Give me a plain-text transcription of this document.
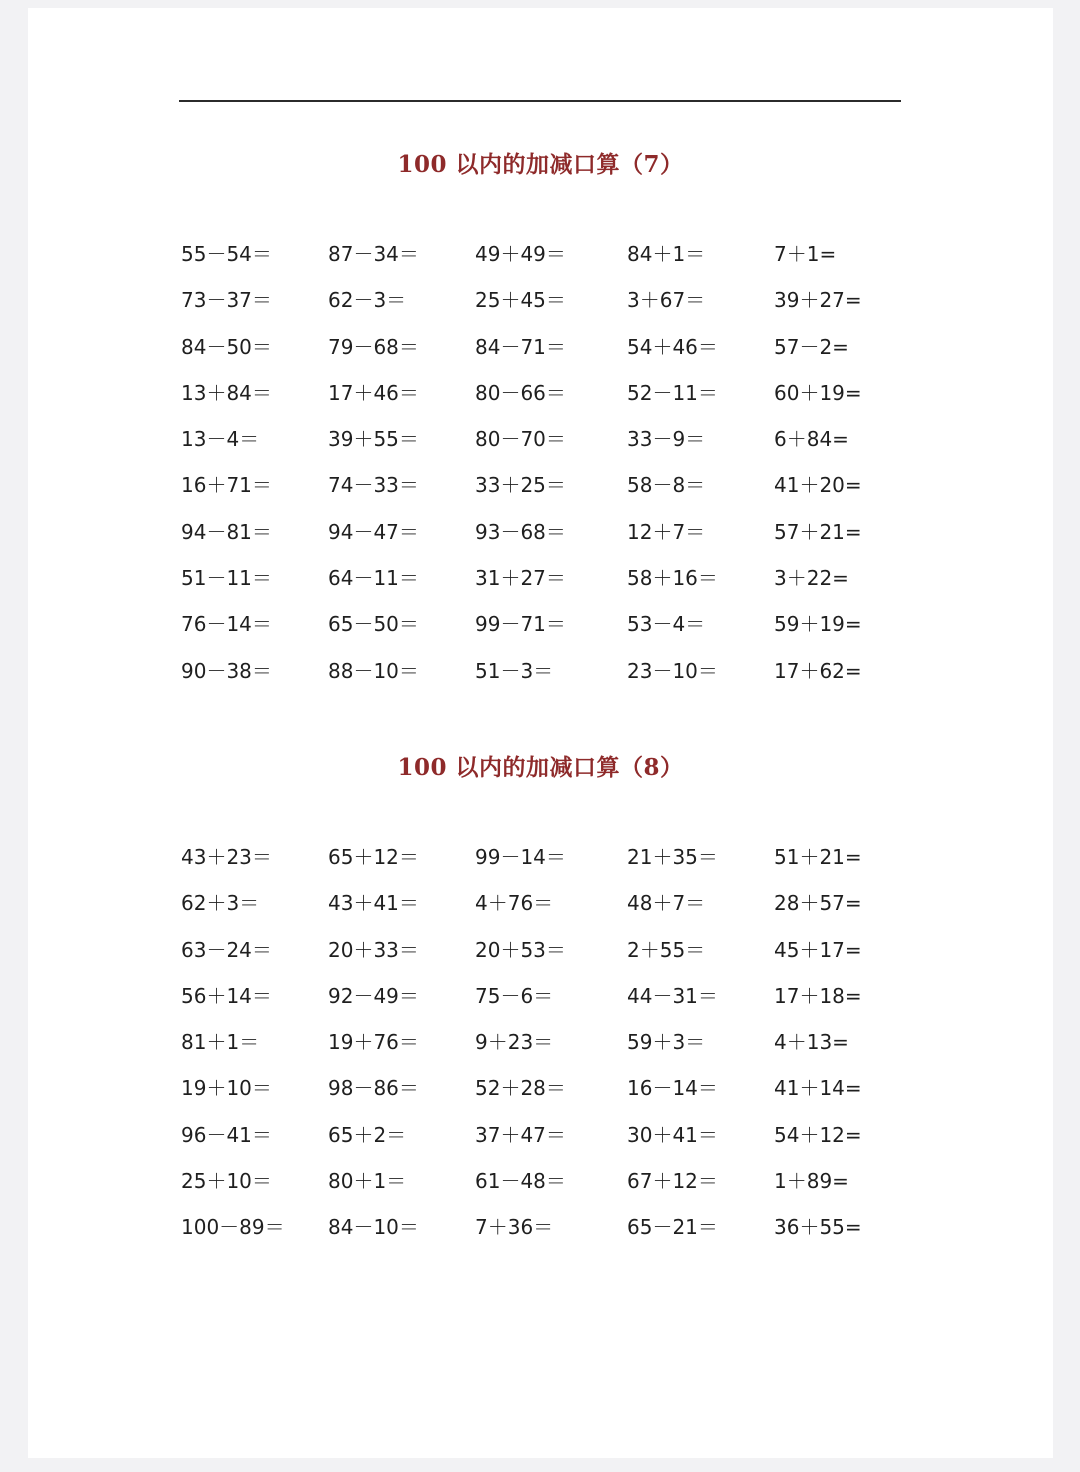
100 以内的加减口算（7）
55－54＝	87－34＝	49＋49＝	84＋1＝	7＋1=
73－37＝	62－3＝	25＋45＝	3＋67＝	39＋27=
84－50＝	79－68＝	84－71＝	54＋46＝	57－2=
13＋84＝	17＋46＝	80－66＝	52－11＝	60＋19=
13－4＝	39＋55＝	80－70＝	33－9＝	6＋84=
16＋71＝	74－33＝	33＋25＝	58－8＝	41＋20=
94－81＝	94－47＝	93－68＝	12＋7＝	57＋21=
51－11＝	64－11＝	31＋27＝	58＋16＝	3＋22=
76－14＝	65－50＝	99－71＝	53－4＝	59＋19=
90－38＝	88－10＝	51－3＝	23－10＝	17＋62=
100 以内的加减口算（8）
43＋23＝	65＋12＝	99－14＝	21＋35＝	51＋21=
62＋3＝	43＋41＝	4＋76＝	48＋7＝	28＋57=
63－24＝	20＋33＝	20＋53＝	2＋55＝	45＋17=
56＋14＝	92－49＝	75－6＝	44－31＝	17＋18=
81＋1＝	19＋76＝	9＋23＝	59＋3＝	4＋13=
19＋10＝	98－86＝	52＋28＝	16－14＝	41＋14=
96－41＝	65＋2＝	37＋47＝	30＋41＝	54＋12=
25＋10＝	80＋1＝	61－48＝	67＋12＝	1＋89=
100－89＝ 84－10＝	7＋36＝	65－21＝	36＋55=
